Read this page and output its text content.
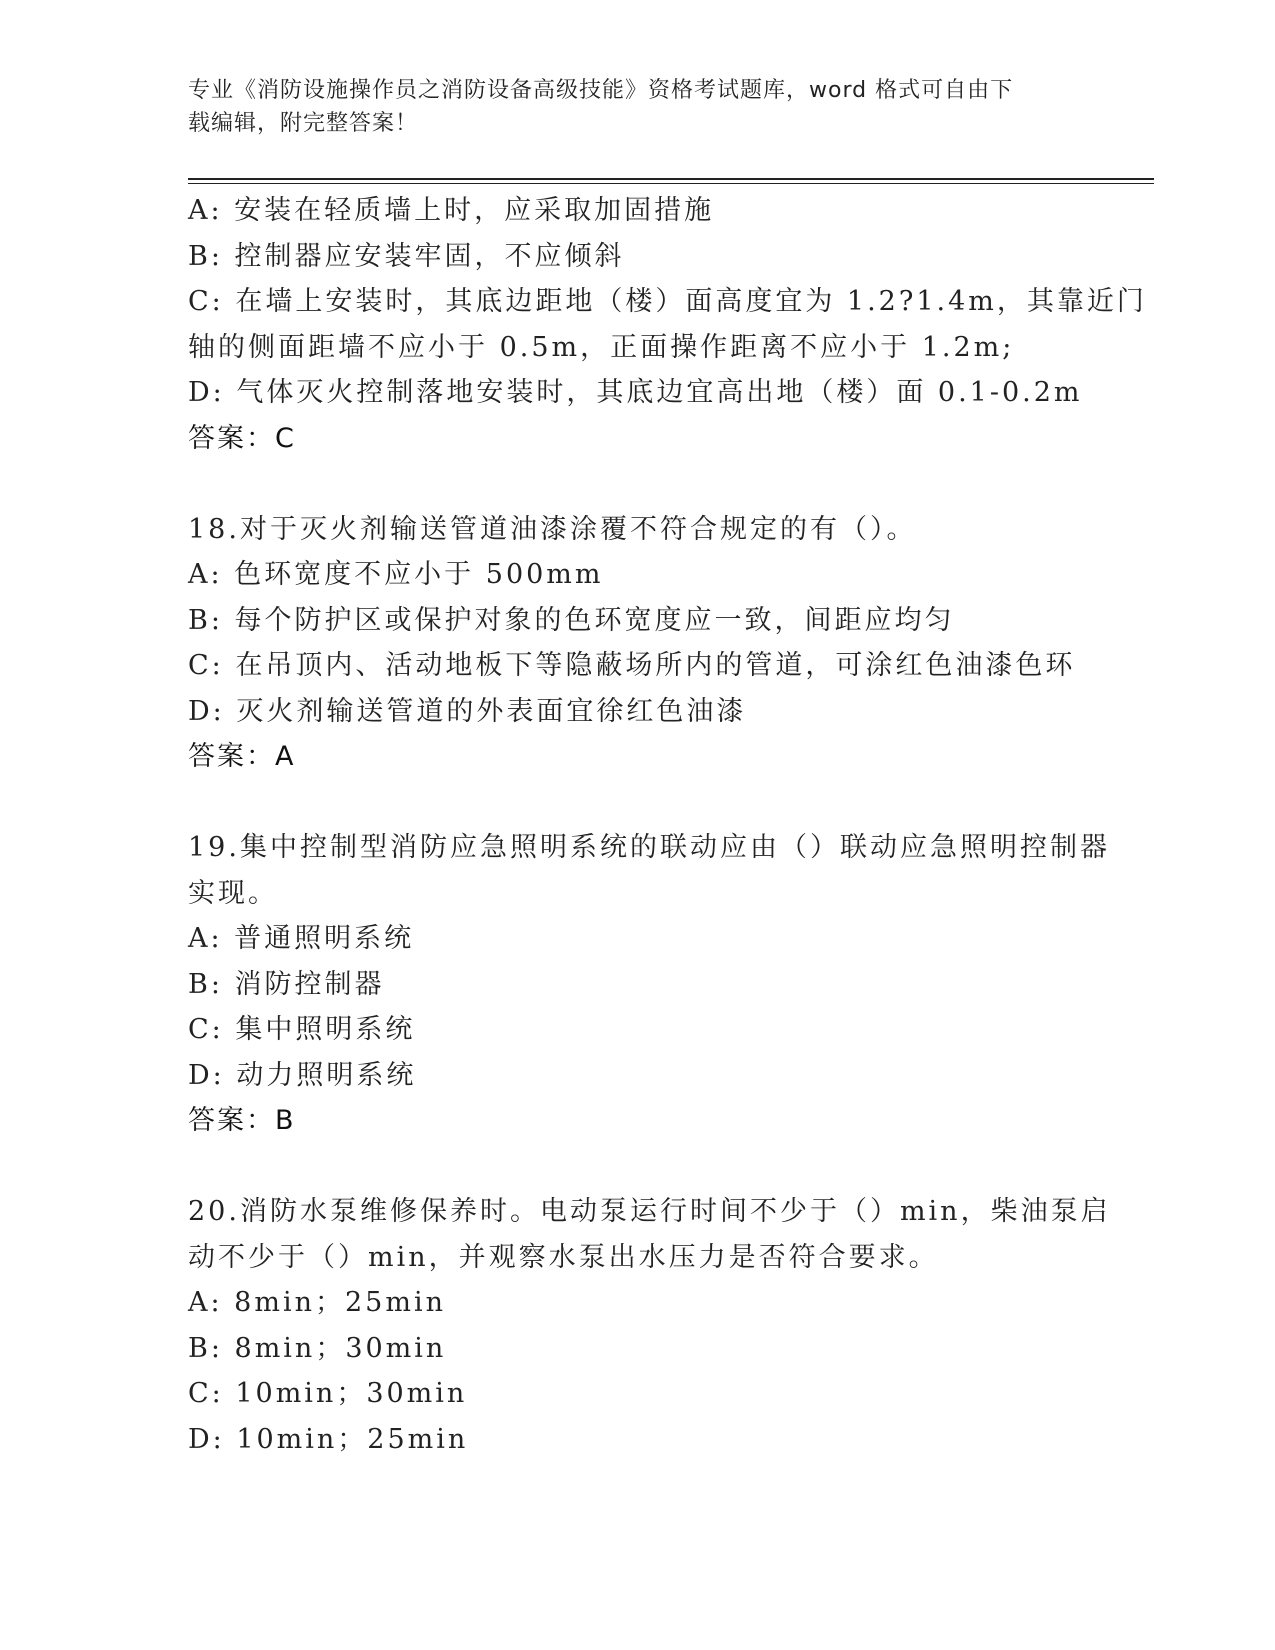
专业《消防设施操作员之消防设备高级技能》资格考试题库，word 格式可自由下
载编辑，附完整答案！
A: 安装在轻质墙上时，应采取加固措施
B: 控制器应安装牢固，不应倾斜
C: 在墙上安装时，其底边距地（楼）面高度宜为 1.2?1.4m，其靠近门
轴的侧面距墙不应小于 0.5m，正面操作距离不应小于 1.2m;
D: 气体灭火控制落地安装时，其底边宜高出地（楼）面 0.1-0.2m
答案：C
18.对于灭火剂输送管道油漆涂覆不符合规定的有（）。
A: 色环宽度不应小于 500mm
B: 每个防护区或保护对象的色环宽度应一致，间距应均匀
C: 在吊顶内、活动地板下等隐蔽场所内的管道，可涂红色油漆色环
D: 灭火剂输送管道的外表面宜徐红色油漆
答案：A
19.集中控制型消防应急照明系统的联动应由（）联动应急照明控制器
实现。
A: 普通照明系统
B: 消防控制器
C: 集中照明系统
D: 动力照明系统
答案：B
20.消防水泵维修保养时。电动泵运行时间不少于（）min，柴油泵启
动不少于（）min，并观察水泵出水压力是否符合要求。
A: 8min；25min
B: 8min；30min
C: 10min；30min
D: 10min；25min
